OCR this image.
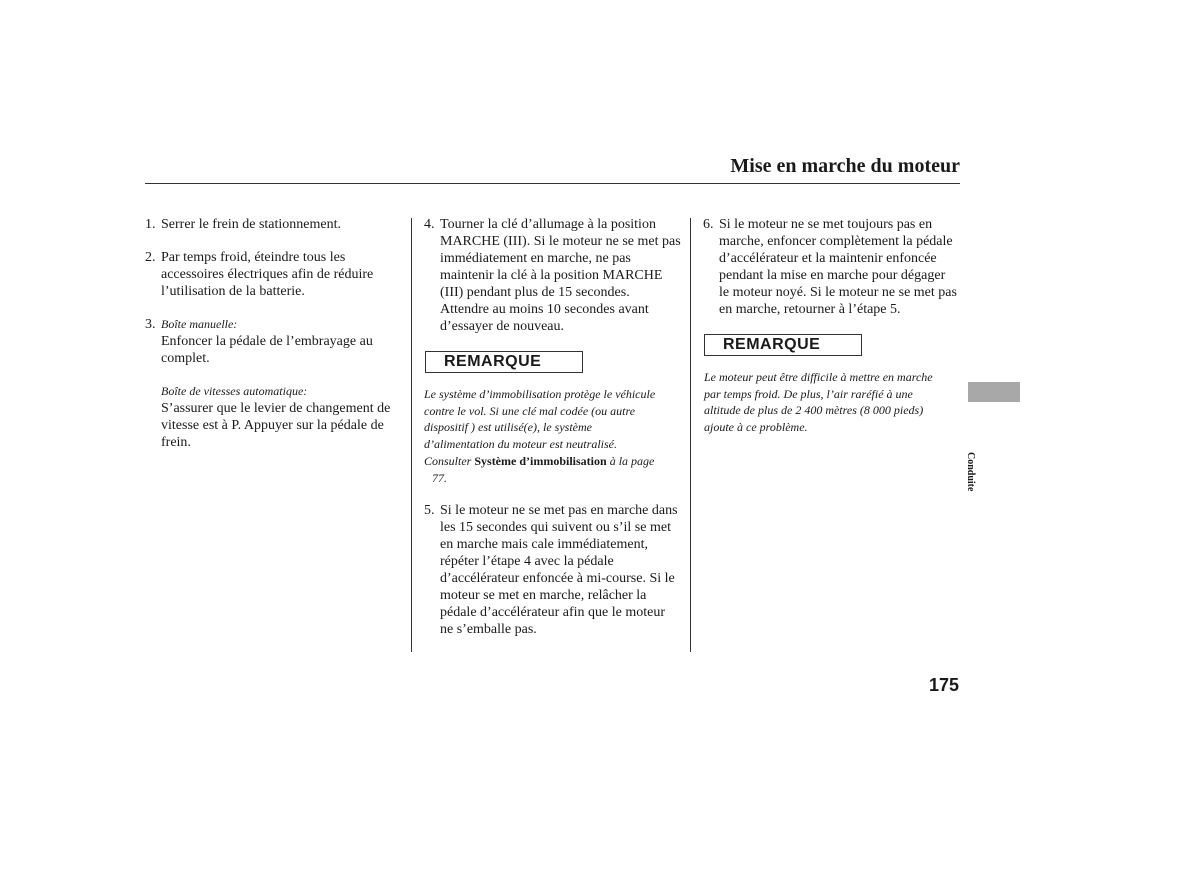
Mise en marche du moteur
1. Serrer le frein de stationnement.
2. Par temps froid, éteindre tous les
accessoires électriques afin de réduire
l’utilisation de la batterie.
3. Boîte manuelle:
Enfoncer la pédale de l’embrayage au
complet.
Boîte de vitesses automatique:
S’assurer que le levier de changement de
vitesse est à P. Appuyer sur la pédale de
frein.
4. Tourner la clé d’allumage à la position
MARCHE (III). Si le moteur ne se met pas
immédiatement en marche, ne pas
maintenir la clé à la position MARCHE
(III) pendant plus de 15 secondes.
Attendre au moins 10 secondes avant
d’essayer de nouveau.
REMARQUE
Le système d’immobilisation protège le véhicule
contre le vol. Si une clé mal codée (ou autre
dispositif ) est utilisé(e), le système
d’alimentation du moteur est neutralisé.
Consulter Système d’immobilisation à la page
77.
5. Si le moteur ne se met pas en marche dans
les 15 secondes qui suivent ou s’il se met
en marche mais cale immédiatement,
répéter l’étape 4 avec la pédale
d’accélérateur enfoncée à mi-course. Si le
moteur se met en marche, relâcher la
pédale d’accélérateur afin que le moteur
ne s’emballe pas.
6. Si le moteur ne se met toujours pas en
marche, enfoncer complètement la pédale
d’accélérateur et la maintenir enfoncée
pendant la mise en marche pour dégager
le moteur noyé. Si le moteur ne se met pas
en marche, retourner à l’étape 5.
REMARQUE
Le moteur peut être difficile à mettre en marche
par temps froid. De plus, l’air raréfié à une
altitude de plus de 2 400 mètres (8 000 pieds)
ajoute à ce problème.
Conduite
175
